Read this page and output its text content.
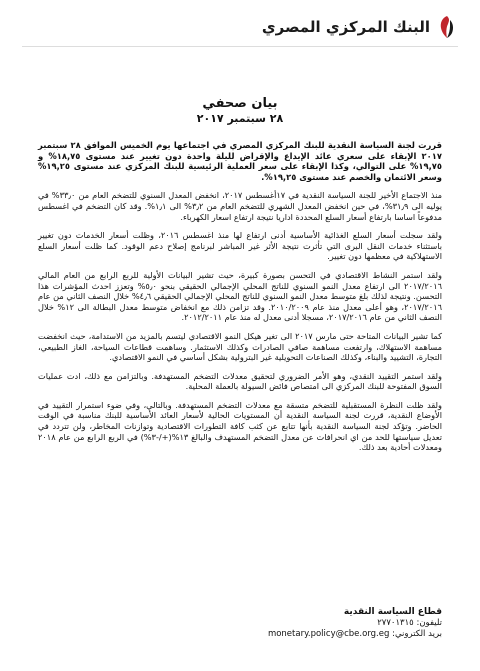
البنك المركزي المصري
بيان صحفي
٢٨ سبتمبر ٢٠١٧

قررت لجنة السياسة النقدية للبنك المركزي المصري في اجتماعها يوم الخميس الموافق ٢٨ سبتمبر ٢٠١٧ الإبقاء على سعري عائد الإيداع والإقراض لليلة واحدة دون تغيير عند مستوى ١٨,٧٥% و ١٩,٧٥% على التوالي، وكذا الإبقاء على سعر العملية الرئيسية للبنك المركزي عند مستوى ١٩,٢٥% وسعر الائتمان والخصم عند مستوى ١٩,٢٥%.

منذ الاجتماع الأخير للجنة السياسة النقدية في ١٧أغسطس ٢٠١٧، انخفض المعدل السنوي للتضخم العام من ٣٣٫٠% في يوليه الى ٣١٫٩%، في حين انخفض المعدل الشهري للتضخم العام من ٣٫٢% الى ١٫١%. وقد كان التضخم في اغسطس مدفوعاً اساسا بارتفاع أسعار السلع المحددة اداريا نتيجة ارتفاع اسعار الكهرباء.

ولقد سجلت أسعار السلع الغذائية الأساسية أدنى ارتفاع لها منذ اغسطس ٢٠١٦، وظلت أسعار الخدمات دون تغيير باستثناء خدمات النقل البرى التي تأثرت نتيجة الأثر غير المباشر لبرنامج إصلاح دعم الوقود. كما ظلت أسعار السلع الاستهلاكية في معظمها دون تغيير.

ولقد استمر النشاط الاقتصادي في التحسن بصورة كبيرة، حيث تشير البيانات الأولية للربع الرابع من العام المالي ٢٠١٧/٢٠١٦ الى ارتفاع معدل النمو السنوي للناتج المحلي الإجمالي الحقيقي بنحو ٥٫٠% وتعزز احدث المؤشرات هذا التحسن. ونتيجة لذلك بلغ متوسط معدل النمو السنوي للناتج المحلي الإجمالي الحقيقي ٤٫٦% خلال النصف الثاني من عام ٢٠١٧/٢٠١٦، وهو أعلى معدل منذ عام ٢٠١٠/٢٠٠٩. وقد تزامن ذلك مع انخفاض متوسط معدل البطالة الى ١٢% خلال النصف الثاني من عام ٢٠١٧/٢٠١٦، مسجلا أدنى معدل له منذ عام ٢٠١٢/٢٠١١.

كما تشير البيانات المتاحة حتى مارس ٢٠١٧ الى تغير هيكل النمو الاقتصادي ليتسم بالمزيد من الاستدامة، حيث انخفضت مساهمة الاستهلاك، وارتفعت مساهمة صافي الصادرات وكذلك الاستثمار. وساهمت قطاعات السياحة، الغاز الطبيعي، التجارة، التشييد والبناء، وكذلك الصناعات التحويلية غير البترولية بشكل أساسي في النمو الاقتصادي.

ولقد استمر التقييد النقدي، وهو الأمر الضروري لتحقيق معدلات التضخم المستهدفة. وبالتزامن مع ذلك، ادت عمليات السوق المفتوحة للبنك المركزي الى امتصاص فائض السيولة بالعملة المحلية.

ولقد ظلت النظرة المستقبلية للتضخم متسقة مع معدلات التضخم المستهدفة. وبالتالي، وفي ضوء استمرار التقييد في الأوضاع النقدية، قررت لجنة السياسة النقدية أن المستويات الحالية لأسعار العائد الأساسية للبنك مناسبة في الوقت الحاضر. وتؤكد لجنة السياسة النقدية بأنها تتابع عن كثب كافة التطورات الاقتصادية وتوازنات المخاطر، ولن تتردد في تعديل سياستها للحد من اي انحرافات عن معدل التضخم المستهدف والبالغ ١٣%(+/-٣%) في الربع الرابع من عام ٢٠١٨ ومعدلات أحادية بعد ذلك.

قطاع السياسة النقدية
تليفون: ٢٧٧٠١٣١٥
بريد الكتروني: monetary.policy@cbe.org.eg
